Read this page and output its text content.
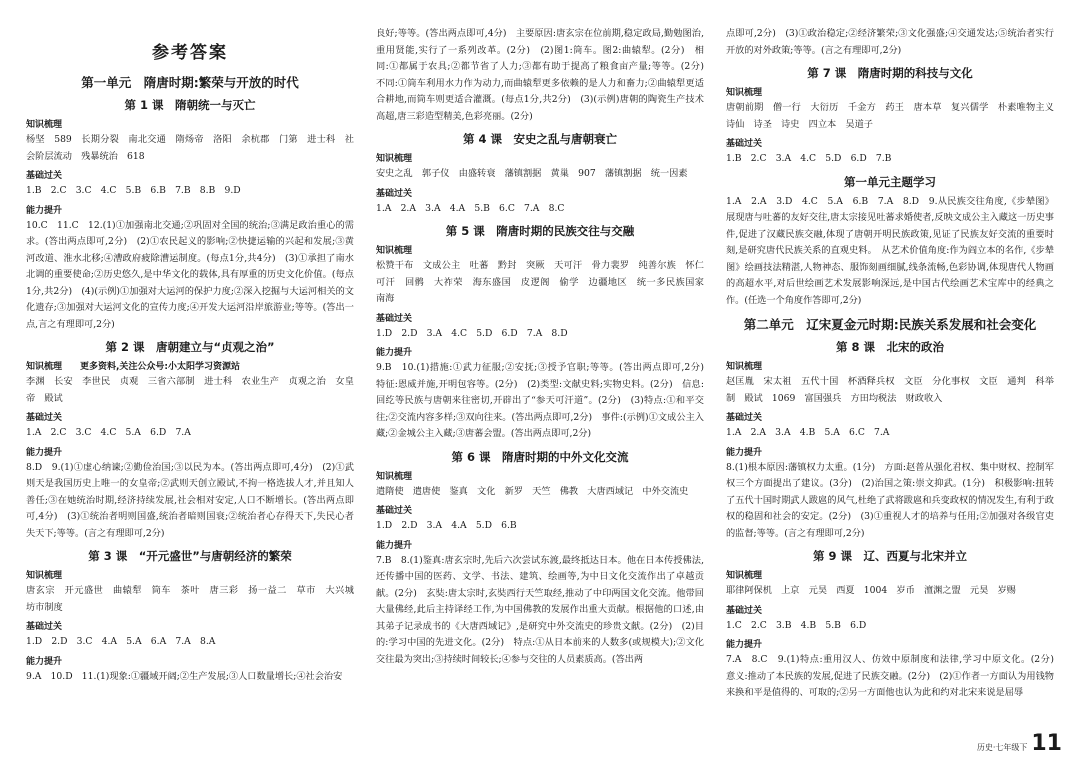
参考答案
第一单元　隋唐时期:繁荣与开放的时代
第 1 课　隋朝统一与灭亡
知识梳理

杨坚　589　长期分裂　南北交通　隋炀帝　洛阳　余杭郡　门第　进士科　社会阶层流动　残暴统治　618

基础过关

1.B　2.C　3.C　4.C　5.B　6.B　7.B　8.B　9.D

能力提升

10.C　11.C　12.(1)①加强南北交通;②巩固对全国的统治;③满足政治重心的需求。(答出两点即可,2分)　(2)①农民起义的影响;②快捷运输的兴起和发展;③黄河改道、淮水北移;④漕政府疲除漕运制度。(每点1分,共4分)　(3)①承担了南水北调的重要使命;②历史悠久,是中华文化的载体,具有厚重的历史文化价值。(每点1分,共2分)　(4)(示例)①加强对大运河的保护力度;②深入挖掘与大运河相关的文化遗存;③加强对大运河文化的宣传力度;④开发大运河沿岸旅游业;等等。(答出一点,言之有理即可,2分)

第 2 课　唐朝建立与“贞观之治”
知识梳理　　更多资料,关注公众号:小太阳学习资源站

李渊　长安　李世民　贞观　三省六部制　进士科　农业生产　贞观之治　女皇帝　殿试

基础过关

1.A　2.C　3.C　4.C　5.A　6.D　7.A

能力提升

8.D　9.(1)①虚心纳谏;②勤俭治国;③以民为本。(答出两点即可,4分)　(2)①武则天是我国历史上唯一的女皇帝;②武则天创立殿试,不拘一格选拔人才,并且知人善任;③在她统治时期,经济持续发展,社会相对安定,人口不断增长。(答出两点即可,4分)　(3)①统治者明则国盛,统治者暗则国衰;②统治者心存得天下,失民心者失天下;等等。(言之有理即可,2分)

第 3 课　“开元盛世”与唐朝经济的繁荣
知识梳理

唐玄宗　开元盛世　曲辕犁　筒车　茶叶　唐三彩　扬一益二　草市　大兴城　坊市制度

基础过关

1.D　2.D　3.C　4.A　5.A　6.A　7.A　8.A

能力提升

9.A　10.D　11.(1)现象:①疆域开阔;②生产发展;③人口数量增长;④社会治安

良好;等等。(答出两点即可,4分)　主要原因:唐玄宗在位前期,稳定政局,勤勉图治,重用贤能,实行了一系列改革。(2分)　(2)图1:筒车。图2:曲辕犁。(2分)　相同:①都属于农具;②都节省了人力;③都有助于提高了粮食亩产量;等等。(2分)　不同:①筒车利用水力作为动力,而曲辕犁更多依赖的是人力和畜力;②曲辕犁更适合耕地,而筒车则更适合灌溉。(每点1分,共2分)　(3)(示例)唐朝的陶瓷生产技术高超,唐三彩造型精美,色彩亮丽。(2分)

第 4 课　安史之乱与唐朝衰亡
知识梳理

安史之乱　郭子仪　由盛转衰　藩镇割据　黄巢　907　藩镇割据　统一因素

基础过关

1.A　2.A　3.A　4.A　5.B　6.C　7.A　8.C

第 5 课　隋唐时期的民族交往与交融
知识梳理

松赞干布　文成公主　吐蕃　黔封　突厥　天可汗　骨力裴罗　纯善尔族　怀仁可汗　回鹘　大祚荣　海东盛国　皮逻阁　偷学　边疆地区　统一多民族国家　南海

基础过关

1.D　2.D　3.A　4.C　5.D　6.D　7.A　8.D

能力提升

9.B　10.(1)措施:①武力征服;②安抚;③授予官职;等等。(答出两点即可,2分)　特征:恩威并施,开明包容等。(2分)　(2)类型:文献史料;实物史料。(2分)　信息:回纥等民族与唐朝来往密切,开辟出了“参天可汗道”。(2分)　(3)特点:①和平交往;②交流内容多样;③双向往来。(答出两点即可,2分)　事件:(示例)①文成公主入藏;②金城公主入藏;③唐蕃会盟。(答出两点即可,2分)

第 6 课　隋唐时期的中外文化交流
知识梳理

遣隋使　遣唐使　鉴真　文化　新罗　天竺　佛教　大唐西域记　中外交流史

基础过关

1.D　2.D　3.A　4.A　5.D　6.B

能力提升

7.B　8.(1)鉴真:唐玄宗时,先后六次尝试东渡,最终抵达日本。他在日本传授佛法,还传播中国的医药、文学、书法、建筑、绘画等,为中日文化交流作出了卓越贡献。(2分)　玄奘:唐太宗时,玄奘西行天竺取经,推动了中印两国文化交流。他带回大量佛经,此后主持译经工作,为中国佛教的发展作出重大贡献。根据他的口述,由其弟子记录成书的《大唐西域记》,是研究中外交流史的珍贵文献。(2分)　(2)目的:学习中国的先进文化。(2分)　特点:①从日本前来的人数多(或规模大);②文化交往最为突出;③持续时间较长;④参与交往的人员素质高。(答出两

点即可,2分)　(3)①政治稳定;②经济繁荣;③文化强盛;④交通发达;⑤统治者实行开放的对外政策;等等。(言之有理即可,2分)

第 7 课　隋唐时期的科技与文化
知识梳理

唐朝前期　僧一行　大衍历　千金方　药王　唐本草　复兴儒学　朴素唯物主义　诗仙　诗圣　诗史　四立本　吴道子

基础过关

1.B　2.C　3.A　4.C　5.D　6.D　7.B

第一单元主题学习

1.A　2.A　3.D　4.C　5.A　6.B　7.A　8.D　9.从民族交往角度,《步辇图》展现唐与吐蕃的友好交往,唐太宗接见吐蕃求婚使者,反映文成公主入藏这一历史事件,促进了汉藏民族交融,体现了唐朝开明民族政策,见证了民族友好交流的重要时刻,是研究唐代民族关系的直观史料。　从艺术价值角度:作为阎立本的名作,《步辇图》绘画技法精湛,人物神态、服饰刻画细腻,线条流畅,色彩协调,体现唐代人物画的高超水平,对后世绘画艺术发展影响深远,是中国古代绘画艺术宝库中的经典之作。(任选一个角度作答即可,2分)

第二单元　辽宋夏金元时期:民族关系发展和社会变化
第 8 课　北宋的政治
知识梳理

赵匡胤　宋太祖　五代十国　杯酒释兵权　文臣　分化事权　文臣　通判　科举制　殿试　1069　富国强兵　方田均税法　财政收入

基础过关

1.A　2.A　3.A　4.B　5.A　6.C　7.A

能力提升

8.(1)根本原因:藩镇权力太重。(1分)　方面:赵普从强化君权、集中财权、控制军权三个方面提出了建议。(3分)　(2)治国之策:崇文抑武。(1分)　积极影响:扭转了五代十国时期武人跋扈的风气,杜绝了武将跋扈和兵变政权的情况发生,有利于政权的稳固和社会的安定。(2分)　(3)①重视人才的培养与任用;②加强对各级官吏的监督;等等。(言之有理即可,2分)

第 9 课　辽、西夏与北宋并立
知识梳理

耶律阿保机　上京　元昊　西夏　1004　岁币　澶渊之盟　元昊　岁赐

基础过关

1.C　2.C　3.B　4.B　5.B　6.D

能力提升

7.A　8.C　9.(1)特点:重用汉人、仿效中原制度和法律,学习中原文化。(2分)　意义:推动了本民族的发展,促进了民族交融。(2分)　(2)①作者一方面认为用钱物来换和平是值得的、可取的;②另一方面他也认为此和约对北宋来说是屈辱

历史·七年级下 11
